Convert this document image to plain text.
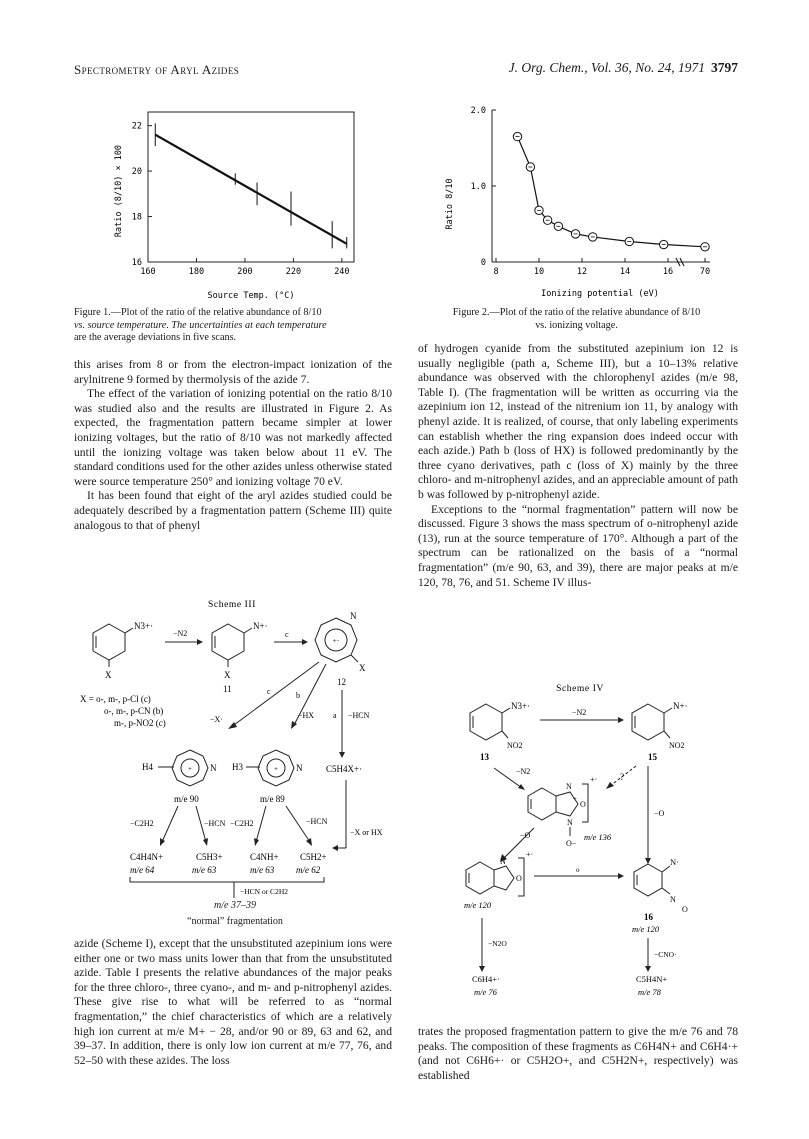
Spectrometry of Aryl Azides	J. Org. Chem., Vol. 36, No. 24, 1971 3797
160	180	200	220	240
16
18
20
22
Ratio (8/10) × 100
Source Temp. (°C)
Figure 1.—Plot of the ratio of the relative abundance of 8/10
vs. source temperature. The uncertainties at each temperature
are the average deviations in five scans.
8	10	12	14	16	70
0
1.0
2.0
Ratio 8/10
Ionizing potential (eV)
Figure 2.—Plot of the ratio of the relative abundance of 8/10
vs. ionizing voltage.

this arises from 8 or from the electron-impact ionization of the arylnitrene 9 formed by thermolysis of the azide 7.

The effect of the variation of ionizing potential on the ratio 8/10 was studied also and the results are illustrated in Figure 2. As expected, the fragmentation pattern became simpler at lower ionizing voltages, but the ratio of 8/10 was not markedly affected until the ionizing voltage was taken below about 11 eV. The standard conditions used for the other azides unless otherwise stated were source temperature 250° and ionizing voltage 70 eV.

It has been found that eight of the aryl azides studied could be adequately described by a fragmentation pattern (Scheme III) quite analogous to that of phenyl

Scheme III
N3+·
X
−N2
N+·
X
11
c
+·
N
X
12
X = o-, m-, p-Cl (c)
o-, m-, p-CN (b)
m-, p-NO2 (c)
c
−X·
b
−HX a −HCN
C5H4X+·
H4	+ N
m/e 90
H3	+ N
m/e 89
−C2H2	−HCN −C2H2	−HCN
−X or HX
C4H4N+	C5H3+	C4NH+ C5H2+
m/e 64	m/e 63	m/e 63 m/e 62
−HCN or C2H2
m/e 37–39
“normal” fragmentation

azide (Scheme I), except that the unsubstituted azepinium ions were either one or two mass units lower than that from the unsubstituted azide. Table I presents the relative abundances of the major peaks for the three chloro-, three cyano-, and m- and p-nitrophenyl azides. These give rise to what will be referred to as “normal fragmentation,” the chief characteristics of which are a relatively high ion current at m/e M+ − 28, and/or 90 or 89, 63 and 62, and 39–37. In addition, there is only low ion current at m/e 77, 76, and 52–50 with these azides. The loss

of hydrogen cyanide from the substituted azepinium ion 12 is usually negligible (path a, Scheme III), but a 10–13% relative abundance was observed with the chlorophenyl azides (m/e 98, Table I). (The fragmentation will be written as occurring via the azepinium ion 12, instead of the nitrenium ion 11, by analogy with phenyl azide. It is realized, of course, that only labeling experiments can establish whether the ring expansion does indeed occur with each azide.) Path b (loss of HX) is followed predominantly by the three cyano derivatives, path c (loss of X) mainly by the three chloro- and m-nitrophenyl azides, and an appreciable amount of path b was followed by p-nitrophenyl azide.

Exceptions to the “normal fragmentation” pattern will now be discussed. Figure 3 shows the mass spectrum of o-nitrophenyl azide (13), run at the source temperature of 170°. Although a part of the spectrum can be rationalized on the basis of a “normal fragmentation” (m/e 90, 63, and 39), there are major peaks at m/e 120, 78, 76, and 51. Scheme IV illus-

Scheme IV
N3+·
NO2
13
−N2
N+·
NO2
15
−N2
?
N
O
+
N
O−
+·
m/e 136
−O
−O
N
O
+·
m/e 120
o
N·
N
O
16
m/e 120
−N2O
C6H4+·
m/e 76
−CNO·
C5H4N+
m/e 78

trates the proposed fragmentation pattern to give the m/e 76 and 78 peaks. The composition of these fragments as C6H4N+ and C6H4·+ (and not C6H6+· or C5H2O+, and C5H2N+, respectively) was established
